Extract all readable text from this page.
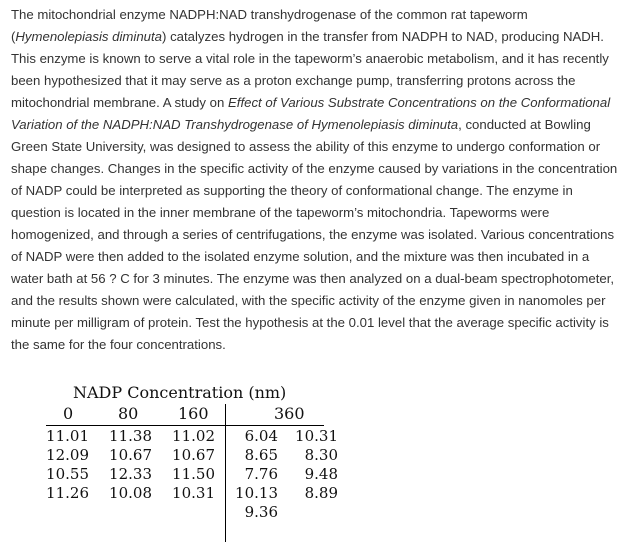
The mitochondrial enzyme NADPH:NAD transhydrogenase of the common rat tapeworm (Hymenolepiasis diminuta) catalyzes hydrogen in the transfer from NADPH to NAD, producing NADH. This enzyme is known to serve a vital role in the tapeworm’s anaerobic metabolism, and it has recently been hypothesized that it may serve as a proton exchange pump, transferring protons across the mitochondrial membrane. A study on Effect of Various Substrate Concentrations on the Conformational Variation of the NADPH:NAD Transhydrogenase of Hymenolepiasis diminuta, conducted at Bowling Green State University, was designed to assess the ability of this enzyme to undergo conformation or shape changes. Changes in the specific activity of the enzyme caused by variations in the concentration of NADP could be interpreted as supporting the theory of conformational change. The enzyme in question is located in the inner membrane of the tapeworm’s mitochondria. Tapeworms were homogenized, and through a series of centrifugations, the enzyme was isolated. Various concentrations of NADP were then added to the isolated enzyme solution, and the mixture was then incubated in a water bath at 56 ? C for 3 minutes. The enzyme was then analyzed on a dual-beam spectrophotometer, and the results shown were calculated, with the specific activity of the enzyme given in nanomoles per minute per milligram of protein. Test the hypothesis at the 0.01 level that the average specific activity is the same for the four concentrations.

NADP Concentration (nm)
0	80 160	360
11.01
12.09
10.55
11.26
11.38
10.67
12.33
10.08
11.02
10.67
11.50
10.31
6.04
8.65
7.76
10.13
9.36
10.31
8.30
9.48
8.89
